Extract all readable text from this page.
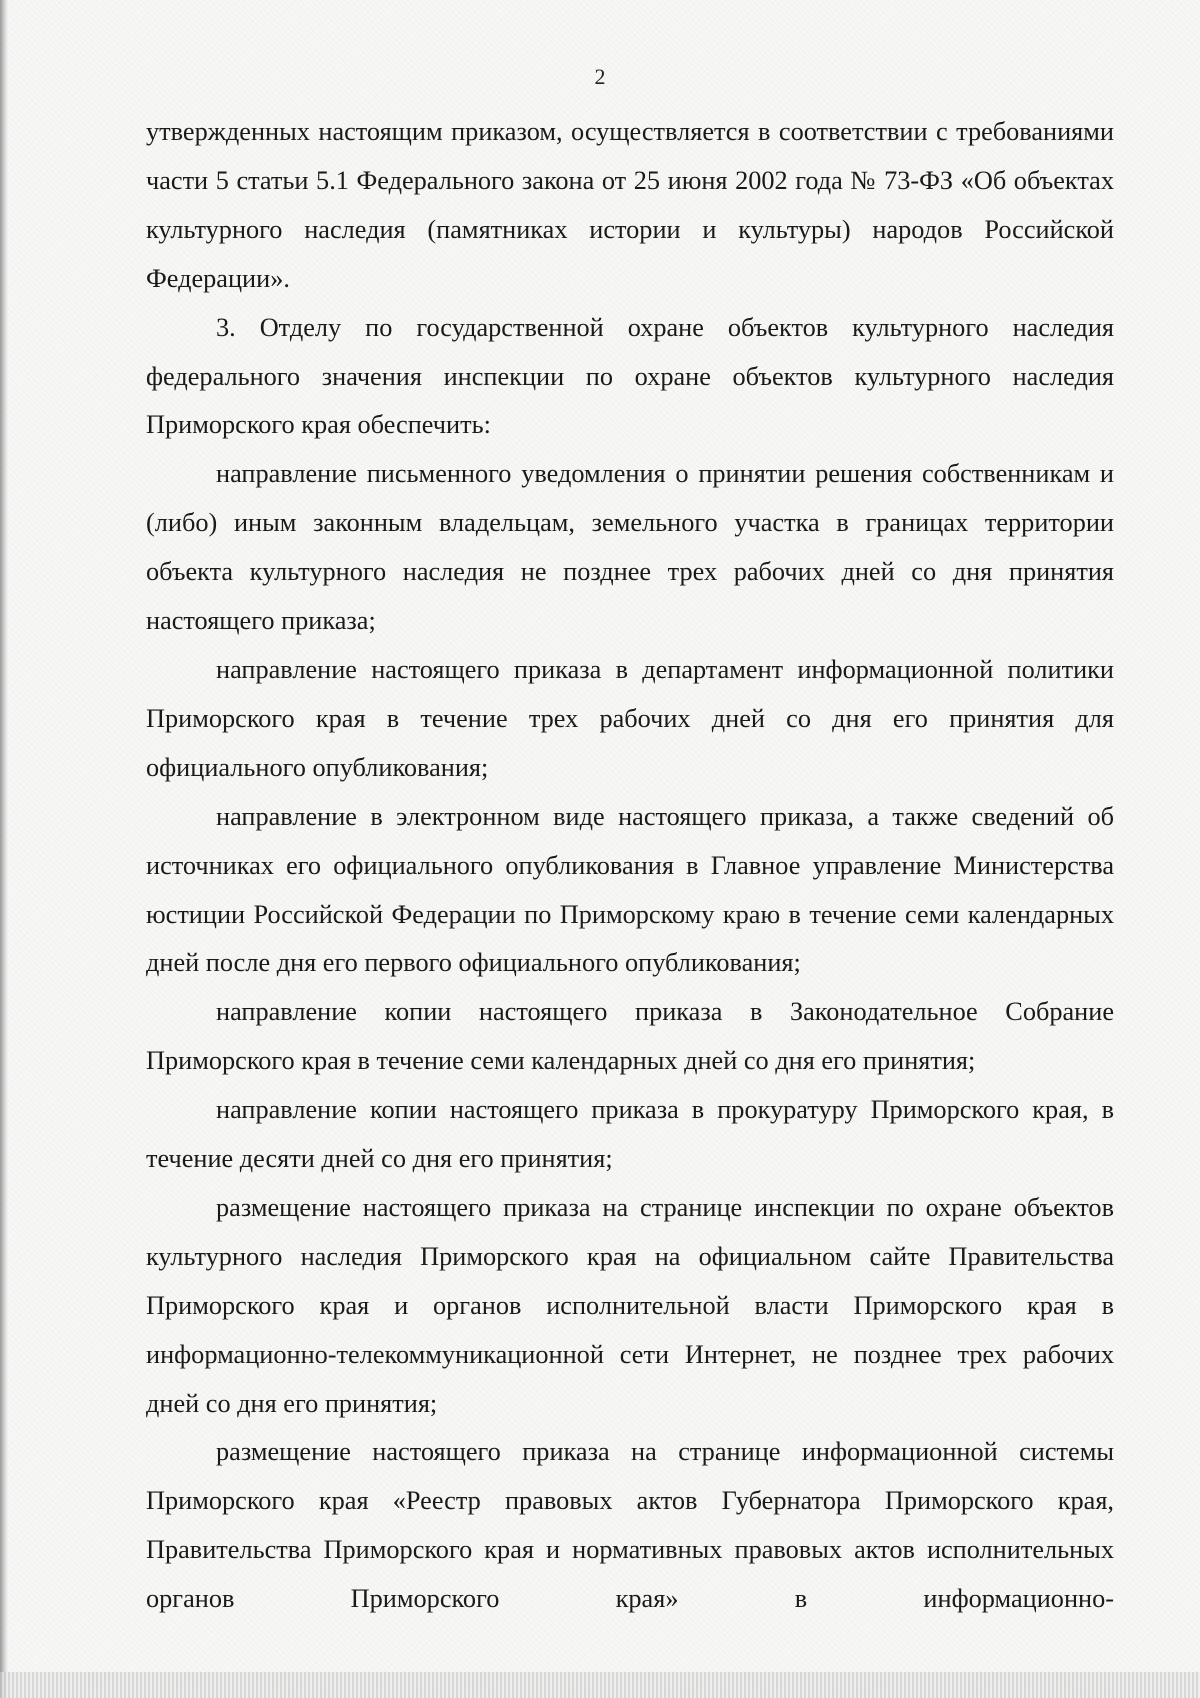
2

утвержденных настоящим приказом, осуществляется в соответствии с требованиями части 5 статьи 5.1 Федерального закона от 25 июня 2002 года № 73-ФЗ «Об объектах культурного наследия (памятниках истории и культуры) народов Российской Федерации».

3. Отделу по государственной охране объектов культурного наследия федерального значения инспекции по охране объектов культурного наследия Приморского края обеспечить:

направление письменного уведомления о принятии решения собственникам и (либо) иным законным владельцам, земельного участка в границах территории объекта культурного наследия не позднее трех рабочих дней со дня принятия настоящего приказа;

направление настоящего приказа в департамент информационной политики Приморского края в течение трех рабочих дней со дня его принятия для официального опубликования;

направление в электронном виде настоящего приказа, а также сведений об источниках его официального опубликования в Главное управление Министерства юстиции Российской Федерации по Приморскому краю в течение семи календарных дней после дня его первого официального опубликования;

направление копии настоящего приказа в Законодательное Собрание Приморского края в течение семи календарных дней со дня его принятия;

направление копии настоящего приказа в прокуратуру Приморского края, в течение десяти дней со дня его принятия;

размещение настоящего приказа на странице инспекции по охране объектов культурного наследия Приморского края на официальном сайте Правительства Приморского края и органов исполнительной власти Приморского края в информационно-телекоммуникационной сети Интернет, не позднее трех рабочих дней со дня его принятия;

размещение настоящего приказа на странице информационной системы Приморского края «Реестр правовых актов Губернатора Приморского края, Правительства Приморского края и нормативных правовых актов исполнительных органов Приморского края» в информационно-
